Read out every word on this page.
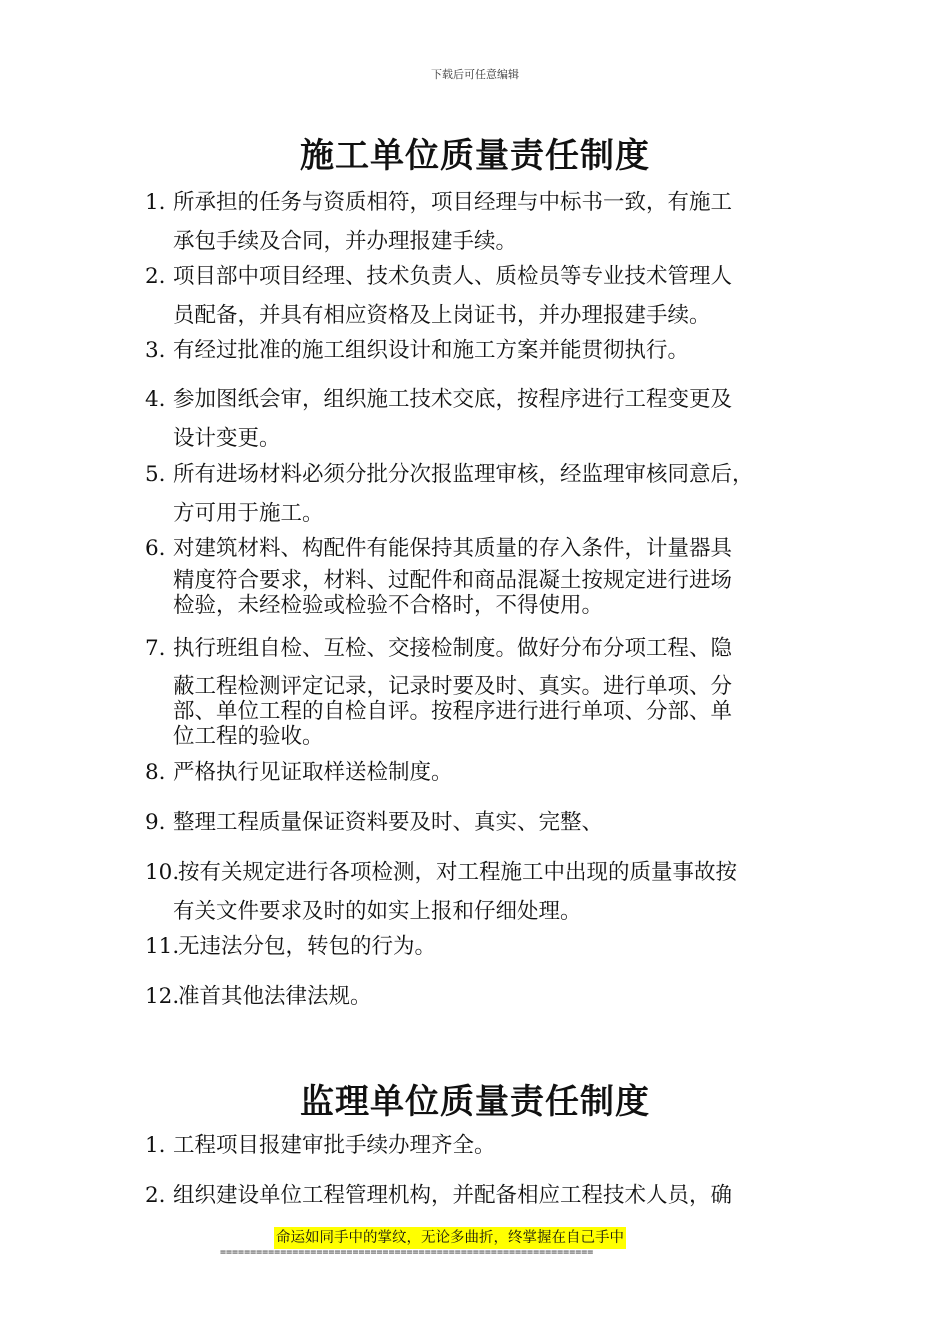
下载后可任意编辑
施工单位质量责任制度
1. 所承担的任务与资质相符，项目经理与中标书一致，有施工
承包手续及合同，并办理报建手续。
2. 项目部中项目经理、技术负责人、质检员等专业技术管理人
员配备，并具有相应资格及上岗证书，并办理报建手续。
3. 有经过批准的施工组织设计和施工方案并能贯彻执行。
4. 参加图纸会审，组织施工技术交底，按程序进行工程变更及
设计变更。
5. 所有进场材料必须分批分次报监理审核，经监理审核同意后，
方可用于施工。
6. 对建筑材料、构配件有能保持其质量的存入条件，计量器具
精度符合要求，材料、过配件和商品混凝土按规定进行进场
检验，未经检验或检验不合格时，不得使用。
7. 执行班组自检、互检、交接检制度。做好分布分项工程、隐
蔽工程检测评定记录，记录时要及时、真实。进行单项、分
部、单位工程的自检自评。按程序进行进行单项、分部、单
位工程的验收。
8. 严格执行见证取样送检制度。
9. 整理工程质量保证资料要及时、真实、完整、
10.
按有关规定进行各项检测，对工程施工中出现的质量事故按
有关文件要求及时的如实上报和仔细处理。
11.
无违法分包，转包的行为。
12.
准首其他法律法规。
监理单位质量责任制度
1. 工程项目报建审批手续办理齐全。
2. 组织建设单位工程管理机构，并配备相应工程技术人员，确
命运如同手中的掌纹，无论多曲折，终掌握在自己手中
==============================================================
